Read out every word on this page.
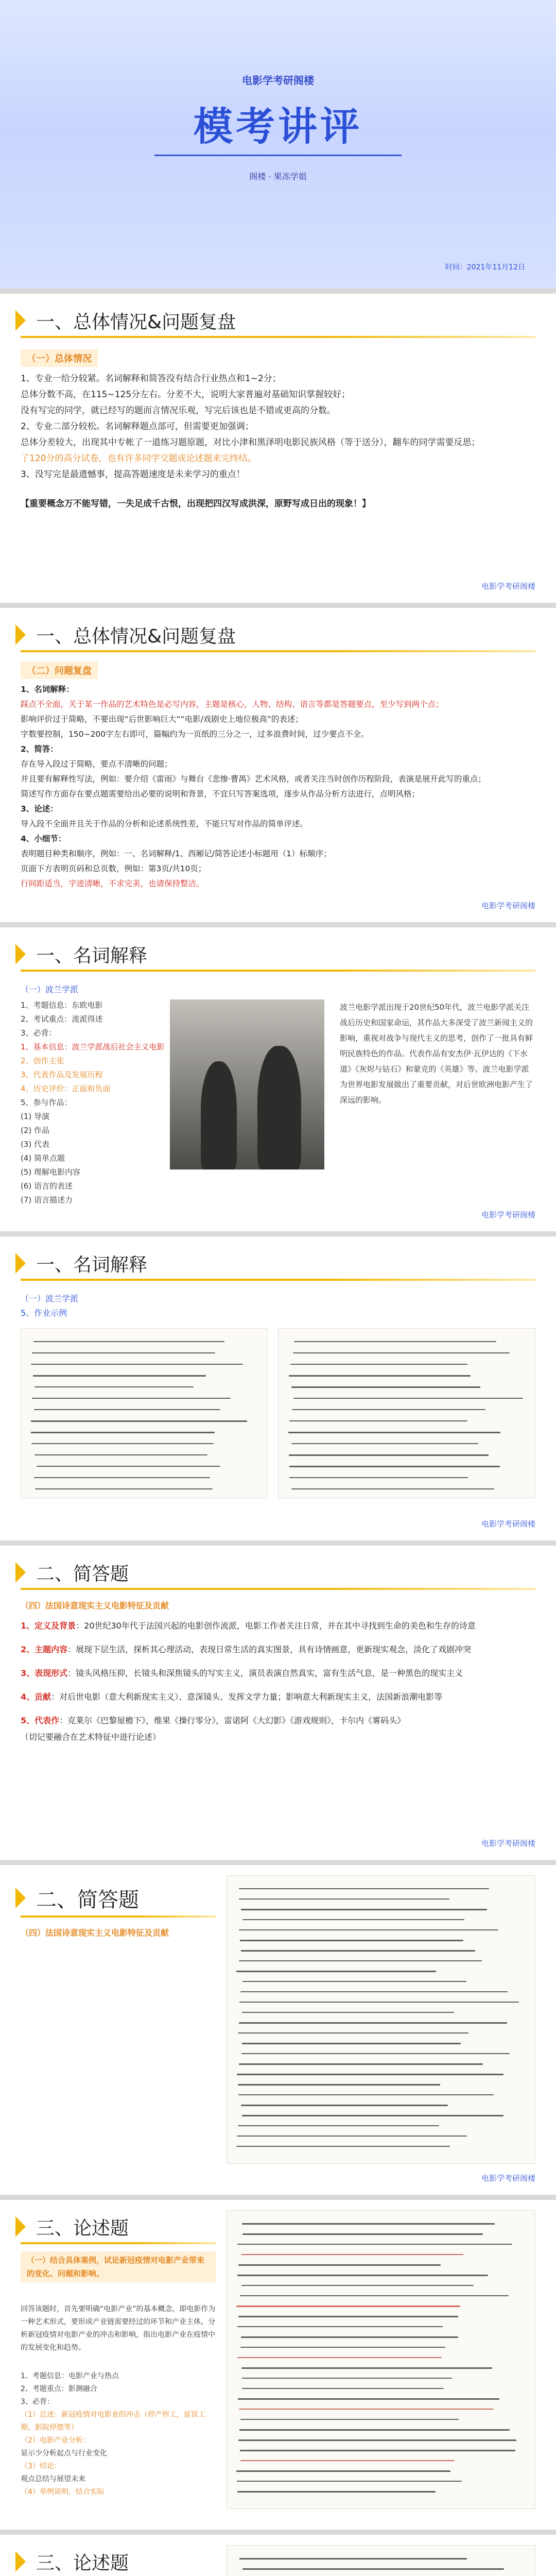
电影学考研阁楼
模考讲评
阁楼 · 果冻学姐
时间：2021年11月12日
一、总体情况&问题复盘
（一）总体情况

1、专业一给分较紧。名词解释和简答没有结合行业热点和1~2分；

总体分数不高，在115~125分左右。分差不大，说明大家普遍对基础知识掌握较好；

没有写完的同学，就已经写的题而言情况乐观，写完后该也是不错或更高的分数。

2、专业二部分较松。名词解释题点部可，但需要更加强调；

总体分差较大，出现其中专帐了一道练习题原题，对比小津和黑泽明电影民族风格（等于送分），翻车的同学需要反思；

了120分的高分试卷，也有许多同学交题成论述题来完终结。

3、没写完是最遗憾事，提高答题速度是未来学习的重点！

【重要概念万不能写错，一失足成千古恨，出现把四汉写成洪深，原野写成日出的现象！】

电影学考研阁楼
一、总体情况&问题复盘
（二）问题复盘

1、名词解释：

踩点不全面，关于某一作品的艺术特色是必写内容，主题是核心，人物、结构、语言等都是答题要点，至少写到两个点；

影响评价过于简略，不要出现“后世影响巨大”“电影/戏剧史上地位极高”的表述；

字数要控制，150~200字左右即可，篇幅约为一页纸的三分之一，过多浪费时间，过少要点不全。

2、简答：

存在导入段过于简略，要点不清晰的问题；

并且要有解释性写法，例如：要介绍《雷雨》与舞台《悲惨·曹禺》艺术风格，或者关注当时创作历程阶段，表演是展开此写的重点；

简述写作方面存在要点题需要给出必要的说明和背景，不宜只写答案选项，逐步从作品分析方法进行，点明风格；

3、论述：

导入段不全面并且关于作品的分析和论述系统性差，不能只写对作品的简单评述。

4、小细节：

表明题目种类和顺序，例如：一、名词解释/1、西厢记/简答论述小标题用（1）标顺序；

页面下方表明页码和总页数，例如：第3页/共10页；

行间距适当，字迹清晰，不求完美，也请保持整洁。

电影学考研阁楼
一、名词解释
（一）波兰学派
1、考题信息：东欧电影
2、考试重点：流派得述
3、必背：
1、基本信息：波兰学派战后社会主义电影
2、创作主张
3、代表作品及发展历程
4、历史评价：正面和负面
5、参与作品：
(1) 导演
(2) 作品
(3) 代表
(4) 简单点题
(5) 理解电影内容
(6) 语言的表述
(7) 语言描述力
波兰电影学派出现于20世纪50年代，波兰电影学派关注战后历史和国家命运，其作品大多深受了波兰新闻主义的影响，重视对战争与现代主义的思考，创作了一批具有鲜明民族特色的作品。代表作品有安杰伊·瓦伊达的《下水道》《灰烬与钻石》和蒙克的《英雄》等。波兰电影学派为世界电影发展做出了重要贡献，对后世欧洲电影产生了深远的影响。
电影学考研阁楼
一、名词解释
（一）波兰学派
5、作业示例
电影学考研阁楼
二、简答题
（四）法国诗意现实主义电影特征及贡献

1、定义及背景：20世纪30年代于法国兴起的电影创作流派，电影工作者关注日常，并在其中寻找到生命的美色和生存的诗意

2、主题内容：展现下层生活，探析其心理活动，表现日常生活的真实图景，具有诗情画意，更新现实观念，淡化了戏剧冲突

3、表现形式：镜头风格压抑，长镜头和深焦镜头的写实主义，演员表演自然真实，富有生活气息，是一种黑色的现实主义

4、贡献：对后世电影（意大利新现实主义）、意深镜头、发挥文学力量；影响意大利新现实主义，法国新浪潮电影等

5、代表作：克莱尔《巴黎屋檐下》，维果《操行零分》，雷诺阿《大幻影》《游戏规则》，卡尔内《雾码头》

（切记要融合在艺术特征中进行论述）

电影学考研阁楼
二、简答题
（四）法国诗意现实主义电影特征及贡献
电影学考研阁楼
三、论述题
（一）结合具体案例，试论新冠疫情对电影产业带来的变化、问题和影响。
回答该题时，首先要明确“电影产业”的基本概念，即电影作为一种艺术形式，要形成产业链需要经过的环节和产业主体，分析新冠疫情对电影产业的冲击和影响，指出电影产业在疫情中的发展变化和趋势。
1、考题信息：电影产业与热点
2、考题重点：影测融合
3、必背：
（1）总述：新冠疫情对电影业的冲击（停产停工，延误工期，影院停摆等）
（2）电影产业分析：
显示少分析起点与行业变化
（3）结论：
观点总结与展望未来
（4）举例说明，结合实际
三、论述题
